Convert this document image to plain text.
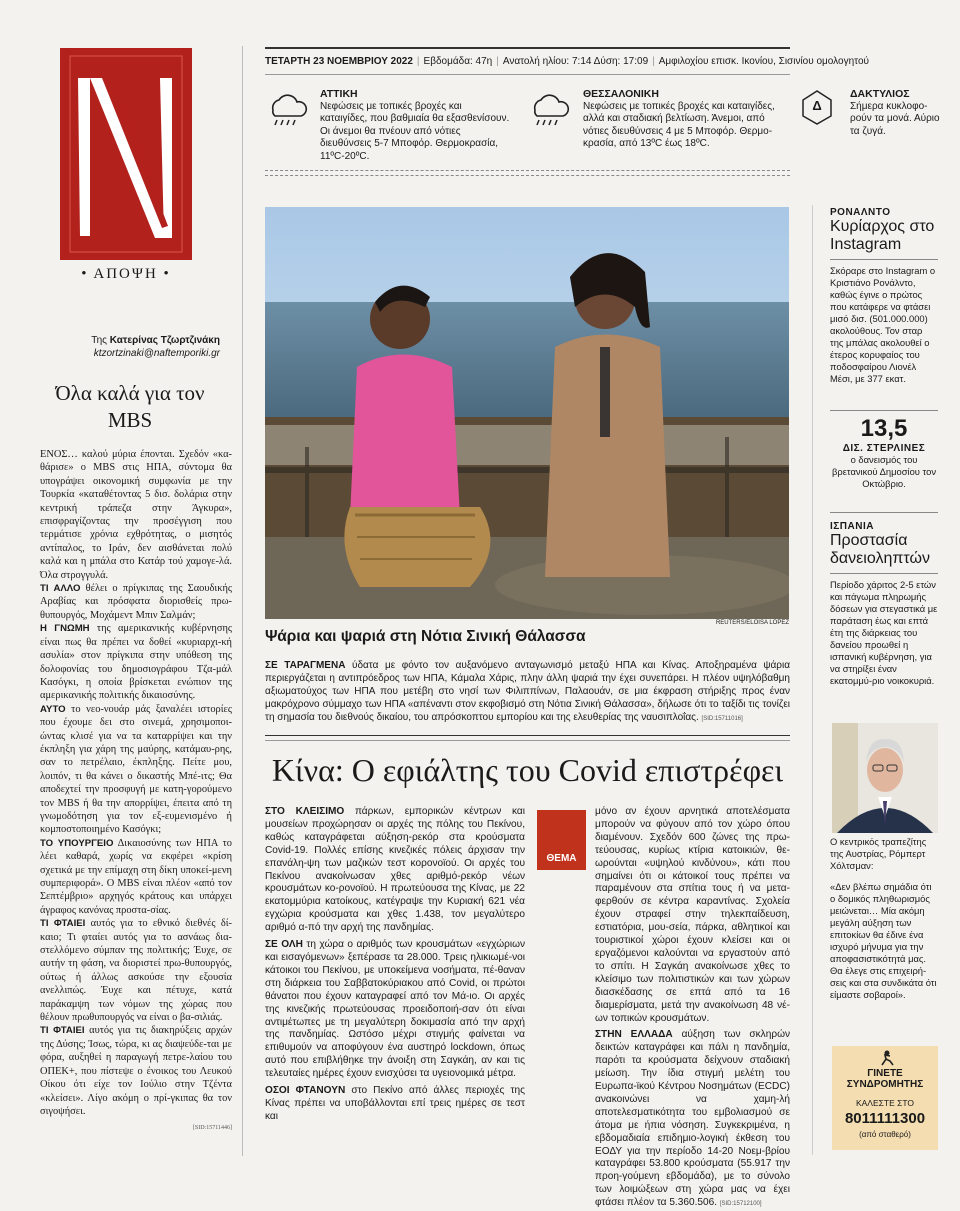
• ΑΠΟΨΗ •
Της Κατερίνας Τζωρτζινάκη
ktzortzinaki@naftemporiki.gr
Όλα καλά για τον MBS

ΕΝΟΣ… καλού μύρια έπονται. Σχεδόν «κα-θάρισε» ο MBS στις ΗΠΑ, σύντομα θα υπογράψει οικονομική συμφωνία με την Τουρκία «καταθέτοντας 5 δισ. δολάρια στην κεντρική τράπεζα στην Άγκυρα», επισφραγίζοντας την προσέγγιση που τερμάτισε χρόνια εχθρότητας, ο μισητός αντίπαλος, το Ιράν, δεν αισθάνεται πολύ καλά και η μπάλα στο Κατάρ τού χαμογε-λά. Όλα στρογγυλά.

ΤΙ ΑΛΛΟ θέλει ο πρίγκιπας της Σαουδικής Αραβίας και πρόσφατα διορισθείς πρω-θυπουργός, Μοχάμεντ Μπιν Σαλμάν;

Η ΓΝΩΜΗ της αμερικανικής κυβέρνησης είναι πως θα πρέπει να δοθεί «κυριαρχι-κή ασυλία» στον πρίγκιπα στην υπόθεση της δολοφονίας του δημοσιογράφου Τζα-μάλ Κασόγκι, η οποία βρίσκεται ενώπιον της αμερικανικής πολιτικής δικαιοσύνης.

ΑΥΤΟ το νεο-νουάρ μάς ξαναλέει ιστορίες που έχουμε δει στο σινεμά, χρησιμοποι-ώντας κλισέ για να τα καταρρίψει και την έκπληξη για χάρη της μαύρης, κατάμαυ-ρης, σαν το πετρέλαιο, έκπληξης. Πείτε μου, λοιπόν, τι θα κάνει ο δικαστής Μπέ-ιτς; Θα αποδεχτεί την προσφυγή με κατη-γορούμενο τον MBS ή θα την απορρίψει, έπειτα από τη γνωμοδότηση για τον εξ-ευμενισμένο ή κομποστοποιημένο Κασόγκι;

ΤΟ ΥΠΟΥΡΓΕΙΟ Δικαιοσύνης των ΗΠΑ το λέει καθαρά, χωρίς να εκφέρει «κρίση σχετικά με την επίμαχη στη δίκη υποκεί-μενη συμπεριφορά». Ο MBS είναι πλέον «από τον Σεπτέμβριο» αρχηγός κράτους και υπάρχει άγραφος κανόνας προστα-σίας.

ΤΙ ΦΤΑΙΕΙ αυτός για το εθνικό διεθνές δί-καιο; Τι φταίει αυτός για το ασνάως δια-στελλόμενο σύμπαν της πολιτικής; Έυχε, σε αυτήν τη φάση, να διοριστεί πρω-θυπουργός, ούτως ή άλλως ασκούσε την εξουσία ανελλιπώς. Έυχε και πέτυχε, κατά παράκαμψη των νόμων της χώρας που θέλουν πρωθυπουργός να είναι ο βα-σιλιάς.

ΤΙ ΦΤΑΙΕΙ αυτός για τις διακηρύξεις αρχών της Δύσης; Ίσως, τώρα, κι ας διαψεύδε-ται με φόρα, αυξηθεί η παραγωγή πετρε-λαίου του ΟΠΕΚ+, που πίστεψε ο ένοικος του Λευκού Οίκου ότι είχε τον Ιούλιο στην Τζέντα «κλείσει». Λίγο ακόμη ο πρί-γκιπας θα τον σιγοψήσει.

[SID:15711446]
ΤΕΤΑΡΤΗ 23 ΝΟΕΜΒΡΙΟΥ 2022 | Εβδομάδα: 47η | Ανατολή ηλίου: 7:14 Δύση: 17:09 | Αμφιλοχίου επισκ. Ικονίου, Σισινίου ομολογητού
ΑΤΤΙΚΗ
Νεφώσεις με τοπικές βροχές και καταιγίδες, που βαθμιαία θα εξασθενίσουν. Οι άνεμοι θα πνέουν από νότιες διευθύνσεις 5-7 Μποφόρ. Θερμοκρασία, 11ºC-20ºC.
ΘΕΣΣΑΛΟΝΙΚΗ
Νεφώσεις με τοπικές βροχές και καταιγίδες, αλλά και σταδιακή βελτίωση. Άνεμοι, από νότιες διευθύνσεις 4 με 5 Μποφόρ. Θερμο-κρασία, από 13ºC έως 18ºC.
Δ
ΔΑΚΤΥΛΙΟΣ
Σήμερα κυκλοφο-ρούν τα μονά. Αύριο τα ζυγά.
REUTERS/ELOISA LOPEZ
Ψάρια και ψαριά στη Νότια Σινική Θάλασσα
ΣΕ ΤΑΡΑΓΜΕΝΑ ύδατα με φόντο τον αυξανόμενο ανταγωνισμό μεταξύ ΗΠΑ και Κίνας. Αποξηραμένα ψάρια περιεργάζεται η αντιπρόεδρος των ΗΠΑ, Κάμαλα Χάρις, πλην άλλη ψαριά την έχει συνεπάρει. Η πλέον υψηλόβαθμη αξιωματούχος των ΗΠΑ που μετέβη στο νησί των Φιλιππίνων, Παλαουάν, σε μια έκφραση στήριξης προς έναν μακρόχρονο σύμμαχο των ΗΠΑ «απέναντι στον εκφοβισμό στη Νότια Σινική Θάλασσα», δήλωσε ότι το ταξίδι τις τονίζει τη σημασία του διεθνούς δικαίου, του απρόσκοπτου εμπορίου και της ελευθερίας της ναυσιπλοΐας. [SID:15711016]
Κίνα: Ο εφιάλτης του Covid επιστρέφει

ΣΤΟ ΚΛΕΙΣΙΜΟ πάρκων, εμπορικών κέντρων και μουσείων προχώρησαν οι αρχές της πόλης του Πεκίνου, καθώς καταγράφεται αύξηση-ρεκόρ στα κρούσματα Covid-19. Πολλές επίσης κινεζικές πόλεις άρχισαν την επανάλη-ψη των μαζικών τεστ κορονοϊού. Οι αρχές του Πεκίνου ανακοίνωσαν χθες αριθμό-ρεκόρ νέων κρουσμάτων κο-ρονοϊού. Η πρωτεύουσα της Κίνας, με 22 εκατομμύρια κατοίκους, κατέγραψε την Κυριακή 621 νέα εγχώρια κρούσματα και χθες 1.438, τον μεγαλύτερο αριθμό α-πό την αρχή της πανδημίας.

ΣΕ ΟΛΗ τη χώρα ο αριθμός των κρουσμάτων «εγχώριων και εισαγόμενων» ξεπέρασε τα 28.000. Τρεις ηλικιωμέ-νοι κάτοικοι του Πεκίνου, με υποκείμενα νοσήματα, πέ-θαναν στη διάρκεια του Σαββατοκύριακου από Covid, οι πρώτοι θάνατοι που έχουν καταγραφεί από τον Μά-ιο. Οι αρχές της κινεζικής πρωτεύουσας προειδοποιή-σαν ότι είναι αντιμέτωπες με τη μεγαλύτερη δοκιμασία από την αρχή της πανδημίας. Ωστόσο μέχρι στιγμής φαίνεται να επιθυμούν να αποφύγουν ένα αυστηρό lockdown, όπως αυτό που επιβλήθηκε την άνοιξη στη Σαγκάη, αν και τις τελευταίες ημέρες έχουν ενισχύσει τα υγειονομικά μέτρα.

ΟΣΟΙ ΦΤΑΝΟΥΝ στο Πεκίνο από άλλες περιοχές της Κίνας πρέπει να υποβάλλονται επί τρεις ημέρες σε τεστ και

ΘΕΜΑ

μόνο αν έχουν αρνητικά αποτελέσματα μπορούν να φύγουν από τον χώρο όπου διαμένουν. Σχεδόν 600 ζώνες της πρω-τεύουσας, κυρίως κτίρια κατοικιών, θε-ωρούνται «υψηλού κινδύνου», κάτι που σημαίνει ότι οι κάτοικοί τους πρέπει να παραμένουν στα σπίτια τους ή να μετα-φερθούν σε κέντρα καραντίνας. Σχολεία έχουν στραφεί στην τηλεκπαίδευση, εστιατόρια, μου-σεία, πάρκα, αθλητικοί και τουριστικοί χώροι έχουν κλείσει και οι εργαζόμενοι καλούνται να εργαστούν από το σπίτι. Η Σαγκάη ανακοίνωσε χθες το κλείσιμο των πολιτιστικών και των χώρων διασκέδασης σε επτά από τα 16 διαμερίσματα, μετά την ανακοίνωση 48 νέ-ων τοπικών κρουσμάτων.

ΣΤΗΝ ΕΛΛΑΔΑ αύξηση των σκληρών δεικτών καταγράφει και πάλι η πανδημία, παρότι τα κρούσματα δείχνουν σταδιακή μείωση. Την ίδια στιγμή μελέτη του Ευρωπα-ϊκού Κέντρου Νοσημάτων (ECDC) ανακοινώνει να χαμη-λή αποτελεσματικότητα του εμβολιασμού σε άτομα με ήπια νόσηση. Συγκεκριμένα, η εβδομαδιαία επιδημιο-λογική έκθεση του ΕΟΔΥ για την περίοδο 14-20 Νοεμ-βρίου καταγράφει 53.800 κρούσματα (55.917 την προη-γούμενη εβδομάδα), με το σύνολο των λοιμώξεων στη χώρα μας να έχει φτάσει πλέον τα 5.360.506. [SID:15712100]

ΡΟΝΑΛΝΤΟ
Κυρίαρχος στο Instagram
Σκόραρε στο Instagram ο Κριστιάνο Ρονάλντο, καθώς έγινε ο πρώτος που κατάφερε να φτάσει μισό δισ. (501.000.000) ακολούθους. Τον σταρ της μπάλας ακολουθεί ο έτερος κορυφαίος του ποδοσφαίρου Λιονέλ Μέσι, με 377 εκατ.
13,5
ΔΙΣ. ΣΤΕΡΛΙΝΕΣ
ο δανεισμός του βρετανικού Δημοσίου τον Οκτώβριο.
ΙΣΠΑΝΙΑ
Προστασία δανειοληπτών
Περίοδο χάριτος 2-5 ετών και πάγωμα πληρωμής δόσεων για στεγαστικά με παράταση έως και επτά έτη της διάρκειας του δανείου προωθεί η ισπανική κυβέρνηση, για να στηρίξει έναν εκατομμύ-ριο νοικοκυριά.
Ο κεντρικός τραπεζίτης της Αυστρίας, Ρόμπερτ Χόλτσμαν:
«Δεν βλέπω σημάδια ότι ο δομικός πληθωρισμός μειώνεται… Μία ακόμη μεγάλη αύξηση των επιτοκίων θα έδινε ένα ισχυρό μήνυμα για την αποφασιστικότητά μας. Θα έλεγε στις επιχειρή-σεις και στα συνδικάτα ότι είμαστε σοβαροί».
ΓΙΝΕΤΕ ΣΥΝΔΡΟΜΗΤΗΣ
ΚΑΛΕΣΤΕ ΣΤΟ
8011111300
(από σταθερό)
